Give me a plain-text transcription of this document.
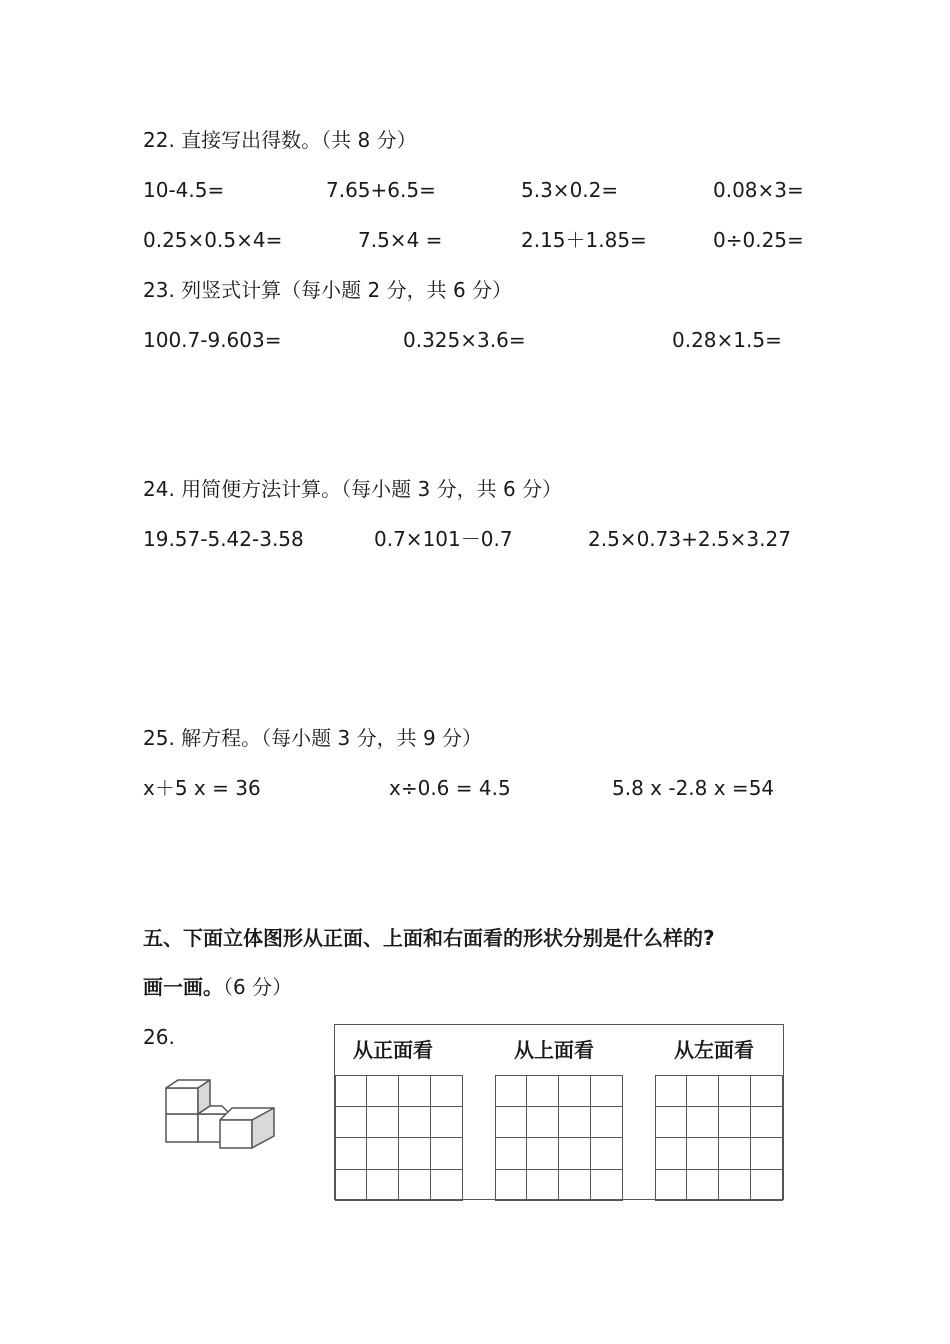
22. 直接写出得数。（共 8 分）
10-4.5=	7.65+6.5=	5.3×0.2=	0.08×3=
0.25×0.5×4=	7.5×4 =	2.15＋1.85=	0÷0.25=
23. 列竖式计算（每小题 2 分，共 6 分）
100.7-9.603=	0.325×3.6=	0.28×1.5=
24. 用简便方法计算。（每小题 3 分，共 6 分）
19.57-5.42-3.58	0.7×101－0.7	2.5×0.73+2.5×3.27
25. 解方程。（每小题 3 分，共 9 分）
x＋5 x = 36	x÷0.6 = 4.5	5.8 x -2.8 x =54
五、下面立体图形从正面、上面和右面看的形状分别是什么样的?
画一画。（6 分）
26.
从正面看	从上面看	从左面看
